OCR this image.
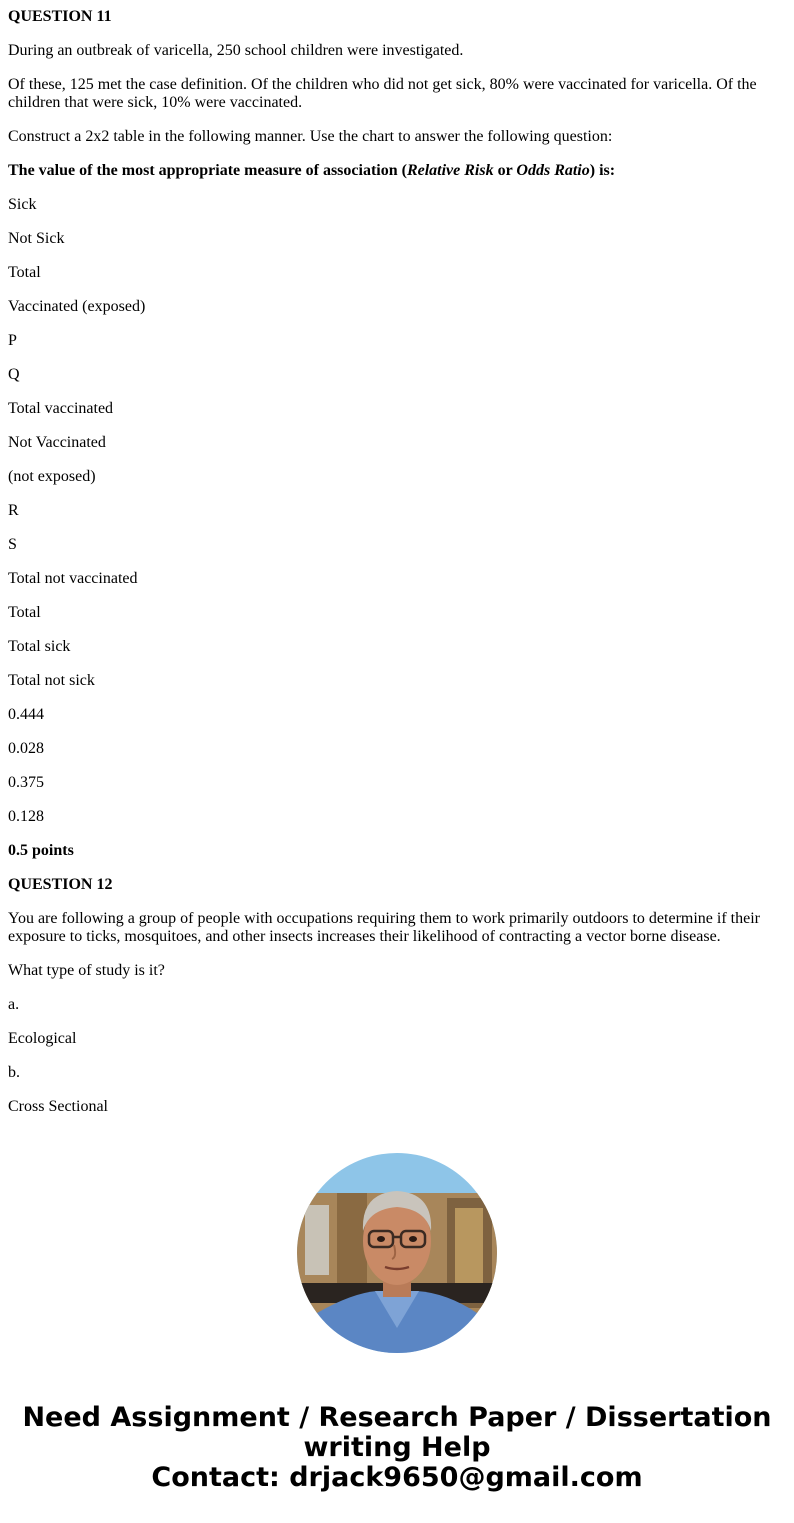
QUESTION 11

During an outbreak of varicella, 250 school children were investigated.

Of these, 125 met the case definition. Of the children who did not get sick, 80% were vaccinated for varicella. Of the children that were sick, 10% were vaccinated.

Construct a 2x2 table in the following manner. Use the chart to answer the following question:

The value of the most appropriate measure of association (Relative Risk or Odds Ratio) is:

Sick

Not Sick

Total

Vaccinated (exposed)

P

Q

Total vaccinated

Not Vaccinated

(not exposed)

R

S

Total not vaccinated

Total

Total sick

Total not sick

0.444

0.028

0.375

0.128

0.5 points

QUESTION 12

You are following a group of people with occupations requiring them to work primarily outdoors to determine if their exposure to ticks, mosquitoes, and other insects increases their likelihood of contracting a vector borne disease.

What type of study is it?

a.

Ecological

b.

Cross Sectional

Need Assignment / Research Paper / Dissertation
writing Help
Contact: drjack9650@gmail.com
